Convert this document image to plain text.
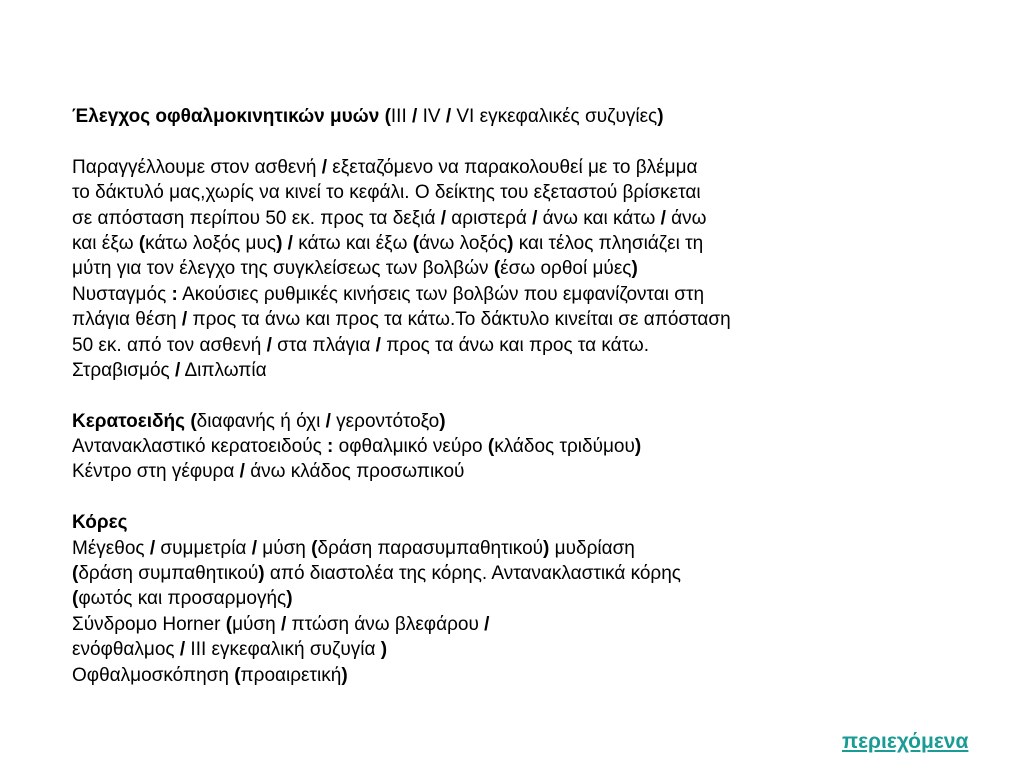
Έλεγχος οφθαλμοκινητικών μυών (III / IV / VI εγκεφαλικές συζυγίες)
Παραγγέλλουμε στον ασθενή / εξεταζόμενο να παρακολουθεί με το βλέμμα
το δάκτυλό μας,χωρίς να κινεί το κεφάλι. Ο δείκτης του εξεταστού βρίσκεται
σε απόσταση περίπου 50 εκ. προς τα δεξιά / αριστερά / άνω και κάτω / άνω
και έξω (κάτω λοξός μυς) / κάτω και έξω (άνω λοξός) και τέλος πλησιάζει τη
μύτη για τον έλεγχο της συγκλείσεως των βολβών (έσω ορθοί μύες)
Νυσταγμός : Ακούσιες ρυθμικές κινήσεις των βολβών που εμφανίζονται στη
πλάγια θέση / προς τα άνω και προς τα κάτω.Το δάκτυλο κινείται σε απόσταση
50 εκ. από τον ασθενή / στα πλάγια / προς τα άνω και προς τα κάτω.
Στραβισμός / Διπλωπία
Κερατοειδής (διαφανής ή όχι / γεροντότοξο)
Αντανακλαστικό κερατοειδούς : οφθαλμικό νεύρο (κλάδος τριδύμου)
Κέντρο στη γέφυρα / άνω κλάδος προσωπικού
Κόρες
Μέγεθος / συμμετρία / μύση (δράση παρασυμπαθητικού) μυδρίαση
(δράση συμπαθητικού) από διαστολέα της κόρης. Αντανακλαστικά κόρης
(φωτός και προσαρμογής)
Σύνδρομο Horner (μύση / πτώση άνω βλεφάρου /
ενόφθαλμος / III εγκεφαλική συζυγία )
Οφθαλμοσκόπηση (προαιρετική)
περιεχόμενα
